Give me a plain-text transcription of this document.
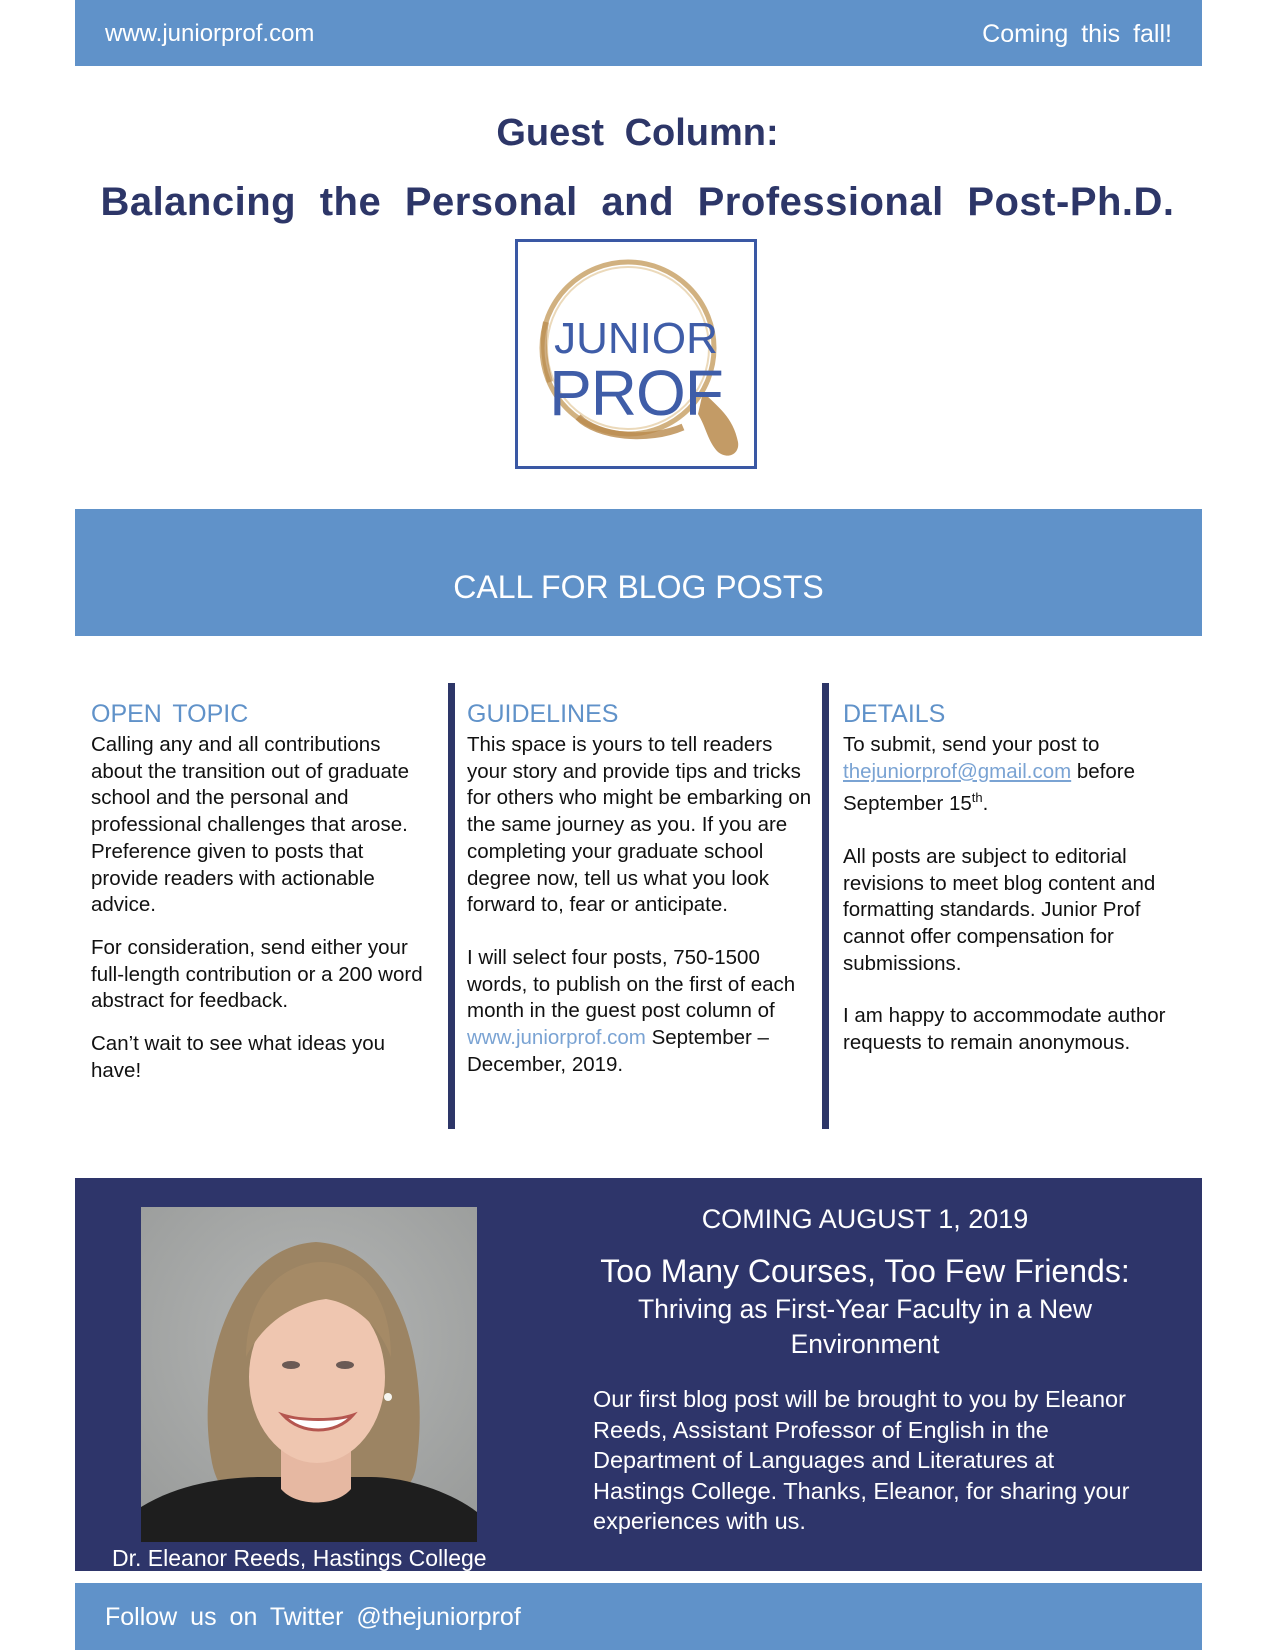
www.juniorprof.com	Coming this fall!
Guest Column:
Balancing the Personal and Professional Post-Ph.D.
JUNIOR
PROF
CALL FOR BLOG POSTS
OPEN TOPIC

Calling any and all contributions about the transition out of graduate school and the personal and professional challenges that arose. Preference given to posts that provide readers with actionable advice.

For consideration, send either your full-length contribution or a 200 word abstract for feedback.

Can’t wait to see what ideas you have!

GUIDELINES

This space is yours to tell readers your story and provide tips and tricks for others who might be embarking on the same journey as you. If you are completing your graduate school degree now, tell us what you look forward to, fear or anticipate.

I will select four posts, 750-1500 words, to publish on the first of each month in the guest post column of www.juniorprof.com September – December, 2019.

DETAILS

To submit, send your post to thejuniorprof@gmail.com before September 15th.

All posts are subject to editorial revisions to meet blog content and formatting standards. Junior Prof cannot offer compensation for submissions.

I am happy to accommodate author requests to remain anonymous.

Dr. Eleanor Reeds, Hastings College
COMING AUGUST 1, 2019
Too Many Courses, Too Few Friends:
Thriving as First-Year Faculty in a New Environment
Our first blog post will be brought to you by Eleanor Reeds, Assistant Professor of English in the Department of Languages and Literatures at Hastings College. Thanks, Eleanor, for sharing your experiences with us.
Follow us on Twitter @thejuniorprof
